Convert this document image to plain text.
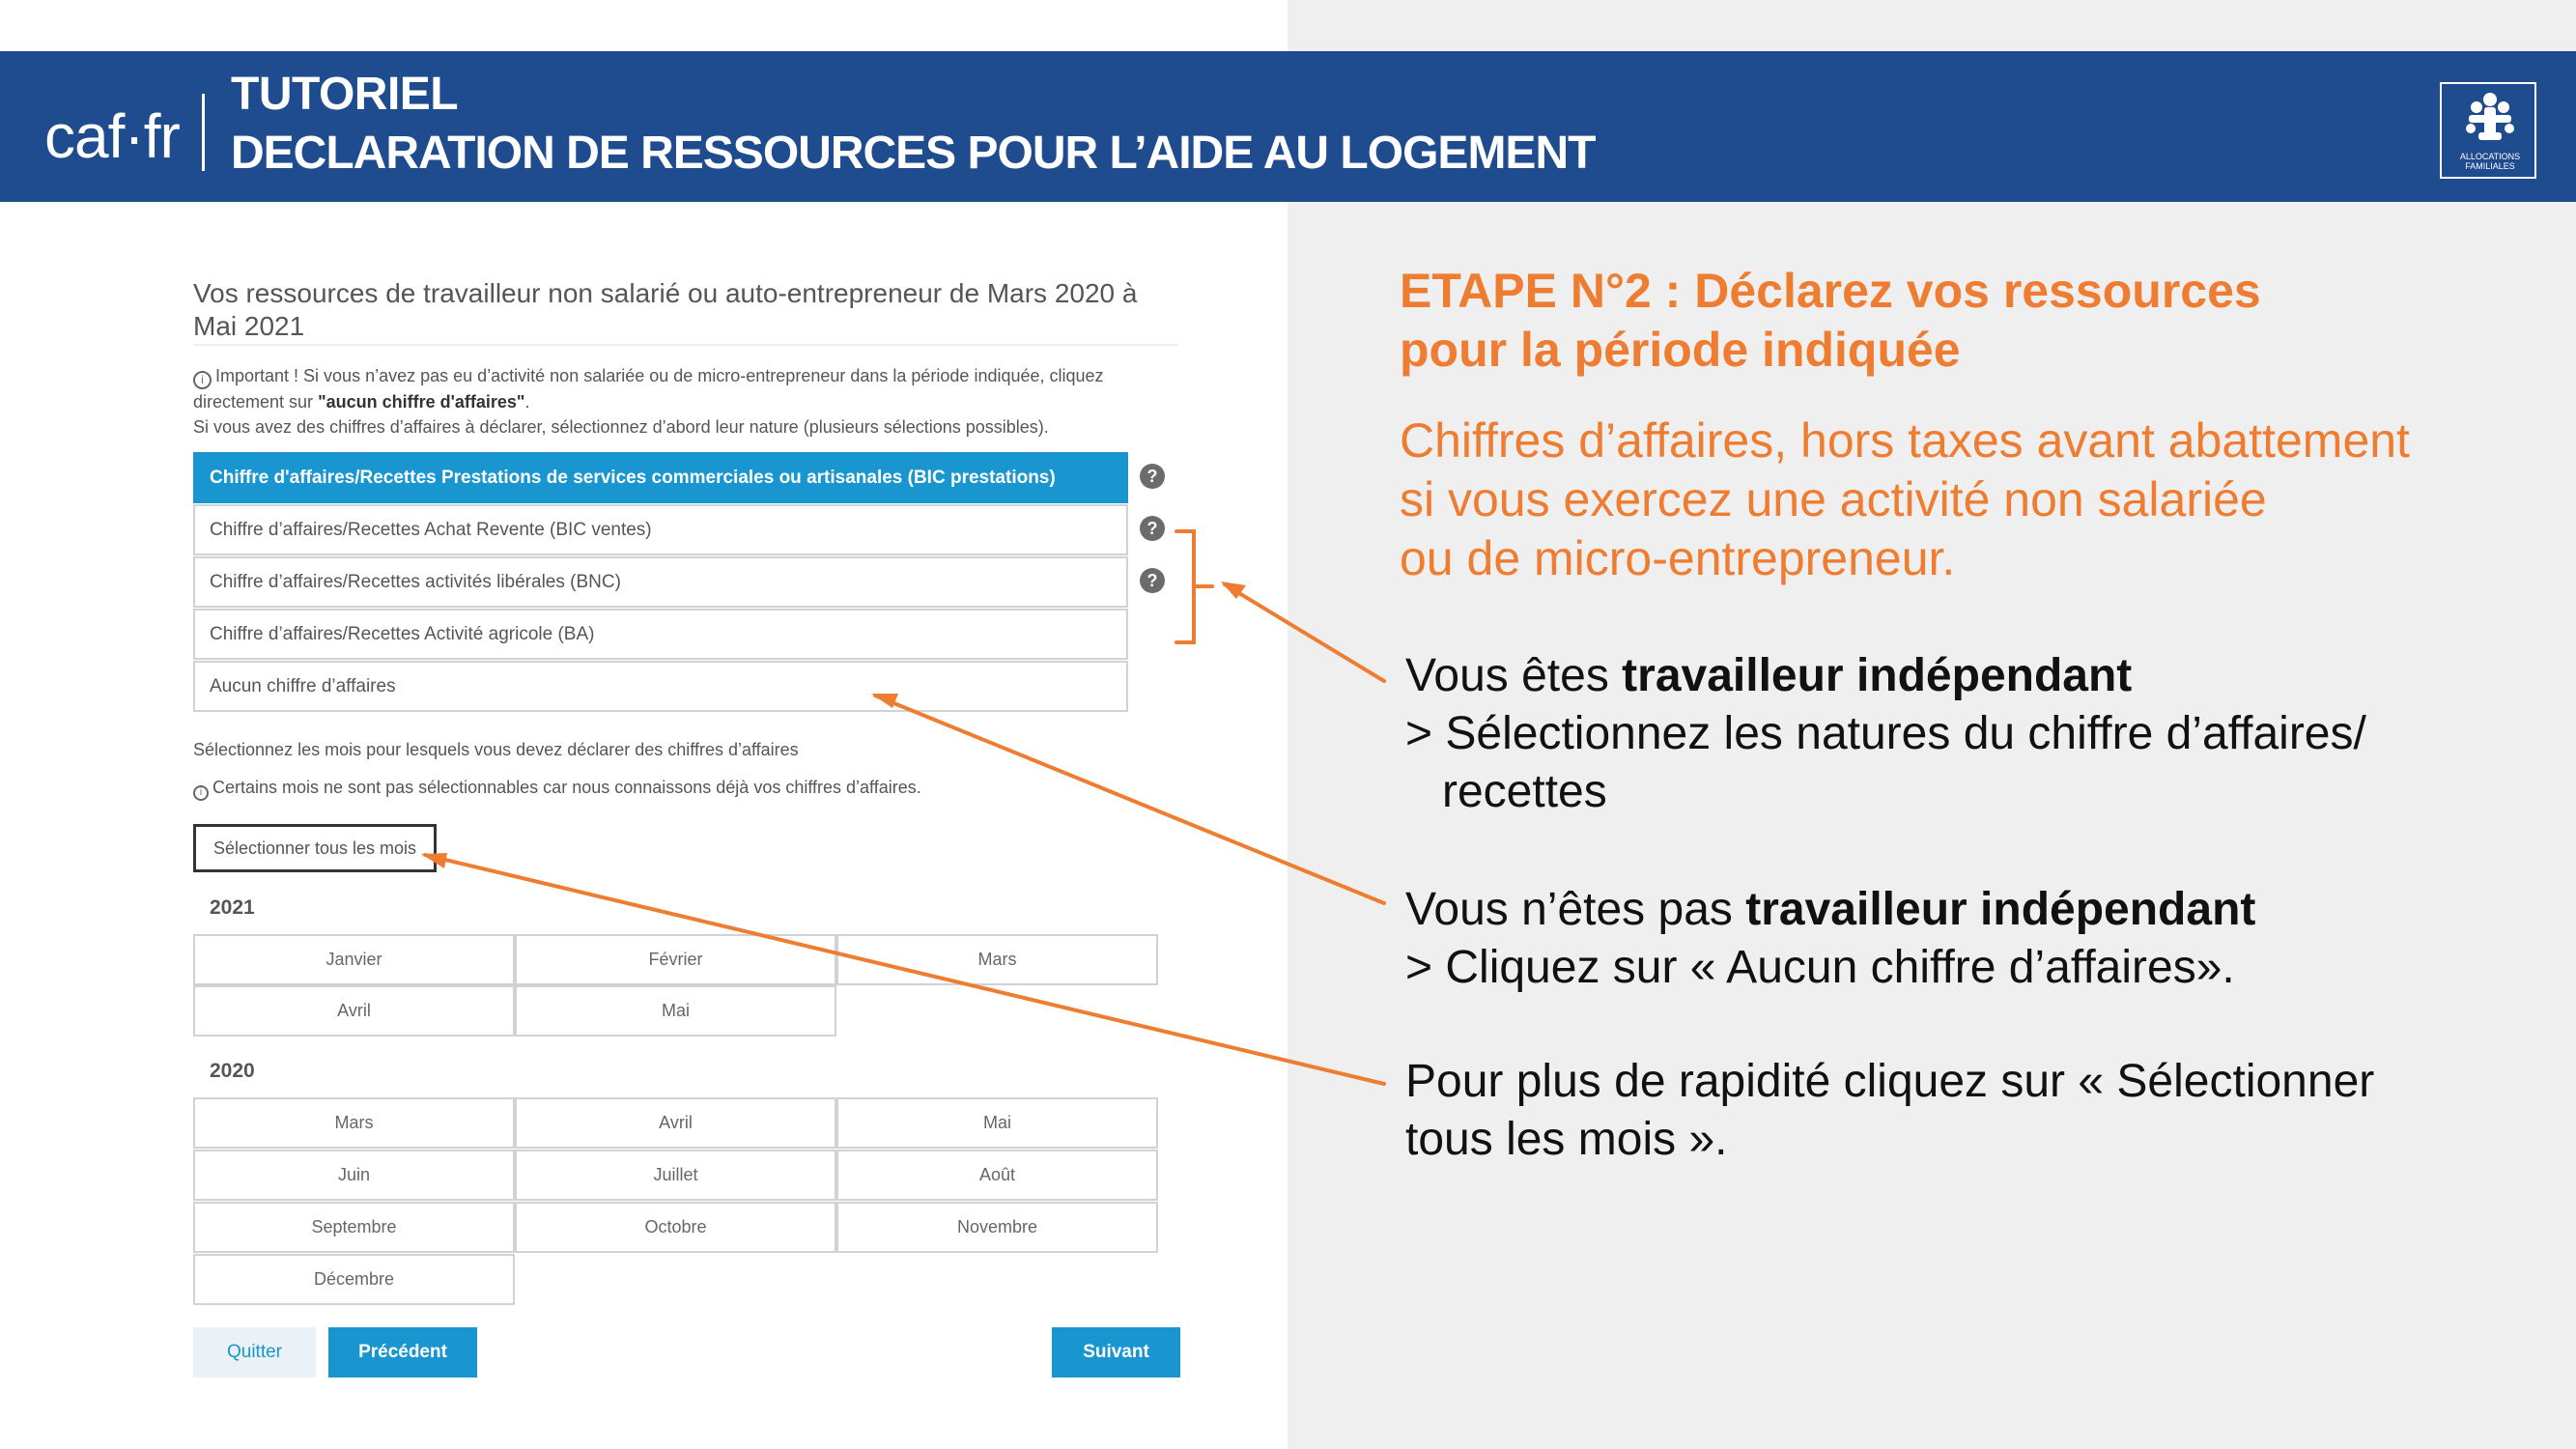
caf·fr
TUTORIEL
DECLARATION DE RESSOURCES POUR L’AIDE AU LOGEMENT	ALLOCATIONS FAMILIALES
Vos ressources de travailleur non salarié ou auto-entrepreneur de Mars 2020 à Mai 2021
i Important ! Si vous n’avez pas eu d’activité non salariée ou de micro-entrepreneur dans la période indiquée, cliquez directement sur "aucun chiffre d'affaires".
Si vous avez des chiffres d’affaires à déclarer, sélectionnez d’abord leur nature (plusieurs sélections possibles).
Chiffre d'affaires/Recettes Prestations de services commerciales ou artisanales (BIC prestations)
Chiffre d’affaires/Recettes Achat Revente (BIC ventes)
Chiffre d’affaires/Recettes activités libérales (BNC)
Chiffre d’affaires/Recettes Activité agricole (BA)
Aucun chiffre d’affaires
?
?
?
Sélectionnez les mois pour lesquels vous devez déclarer des chiffres d’affaires
i Certains mois ne sont pas sélectionnables car nous connaissons déjà vos chiffres d’affaires.
Sélectionner tous les mois
2021
Janvier	Février	Mars
Avril	Mai
2020
Mars	Avril	Mai
Juin	Juillet	Août
Septembre	Octobre	Novembre
Décembre
Quitter	Précédent	Suivant
ETAPE N°2 : Déclarez vos ressources
pour la période indiquée
Chiffres d’affaires, hors taxes avant abattement
si vous exercez une activité non salariée
ou de micro-entrepreneur.
Vous êtes travailleur indépendant
> Sélectionnez les natures du chiffre d’affaires/
recettes
Vous n’êtes pas travailleur indépendant
> Cliquez sur « Aucun chiffre d’affaires».
Pour plus de rapidité cliquez sur « Sélectionner
tous les mois ».
